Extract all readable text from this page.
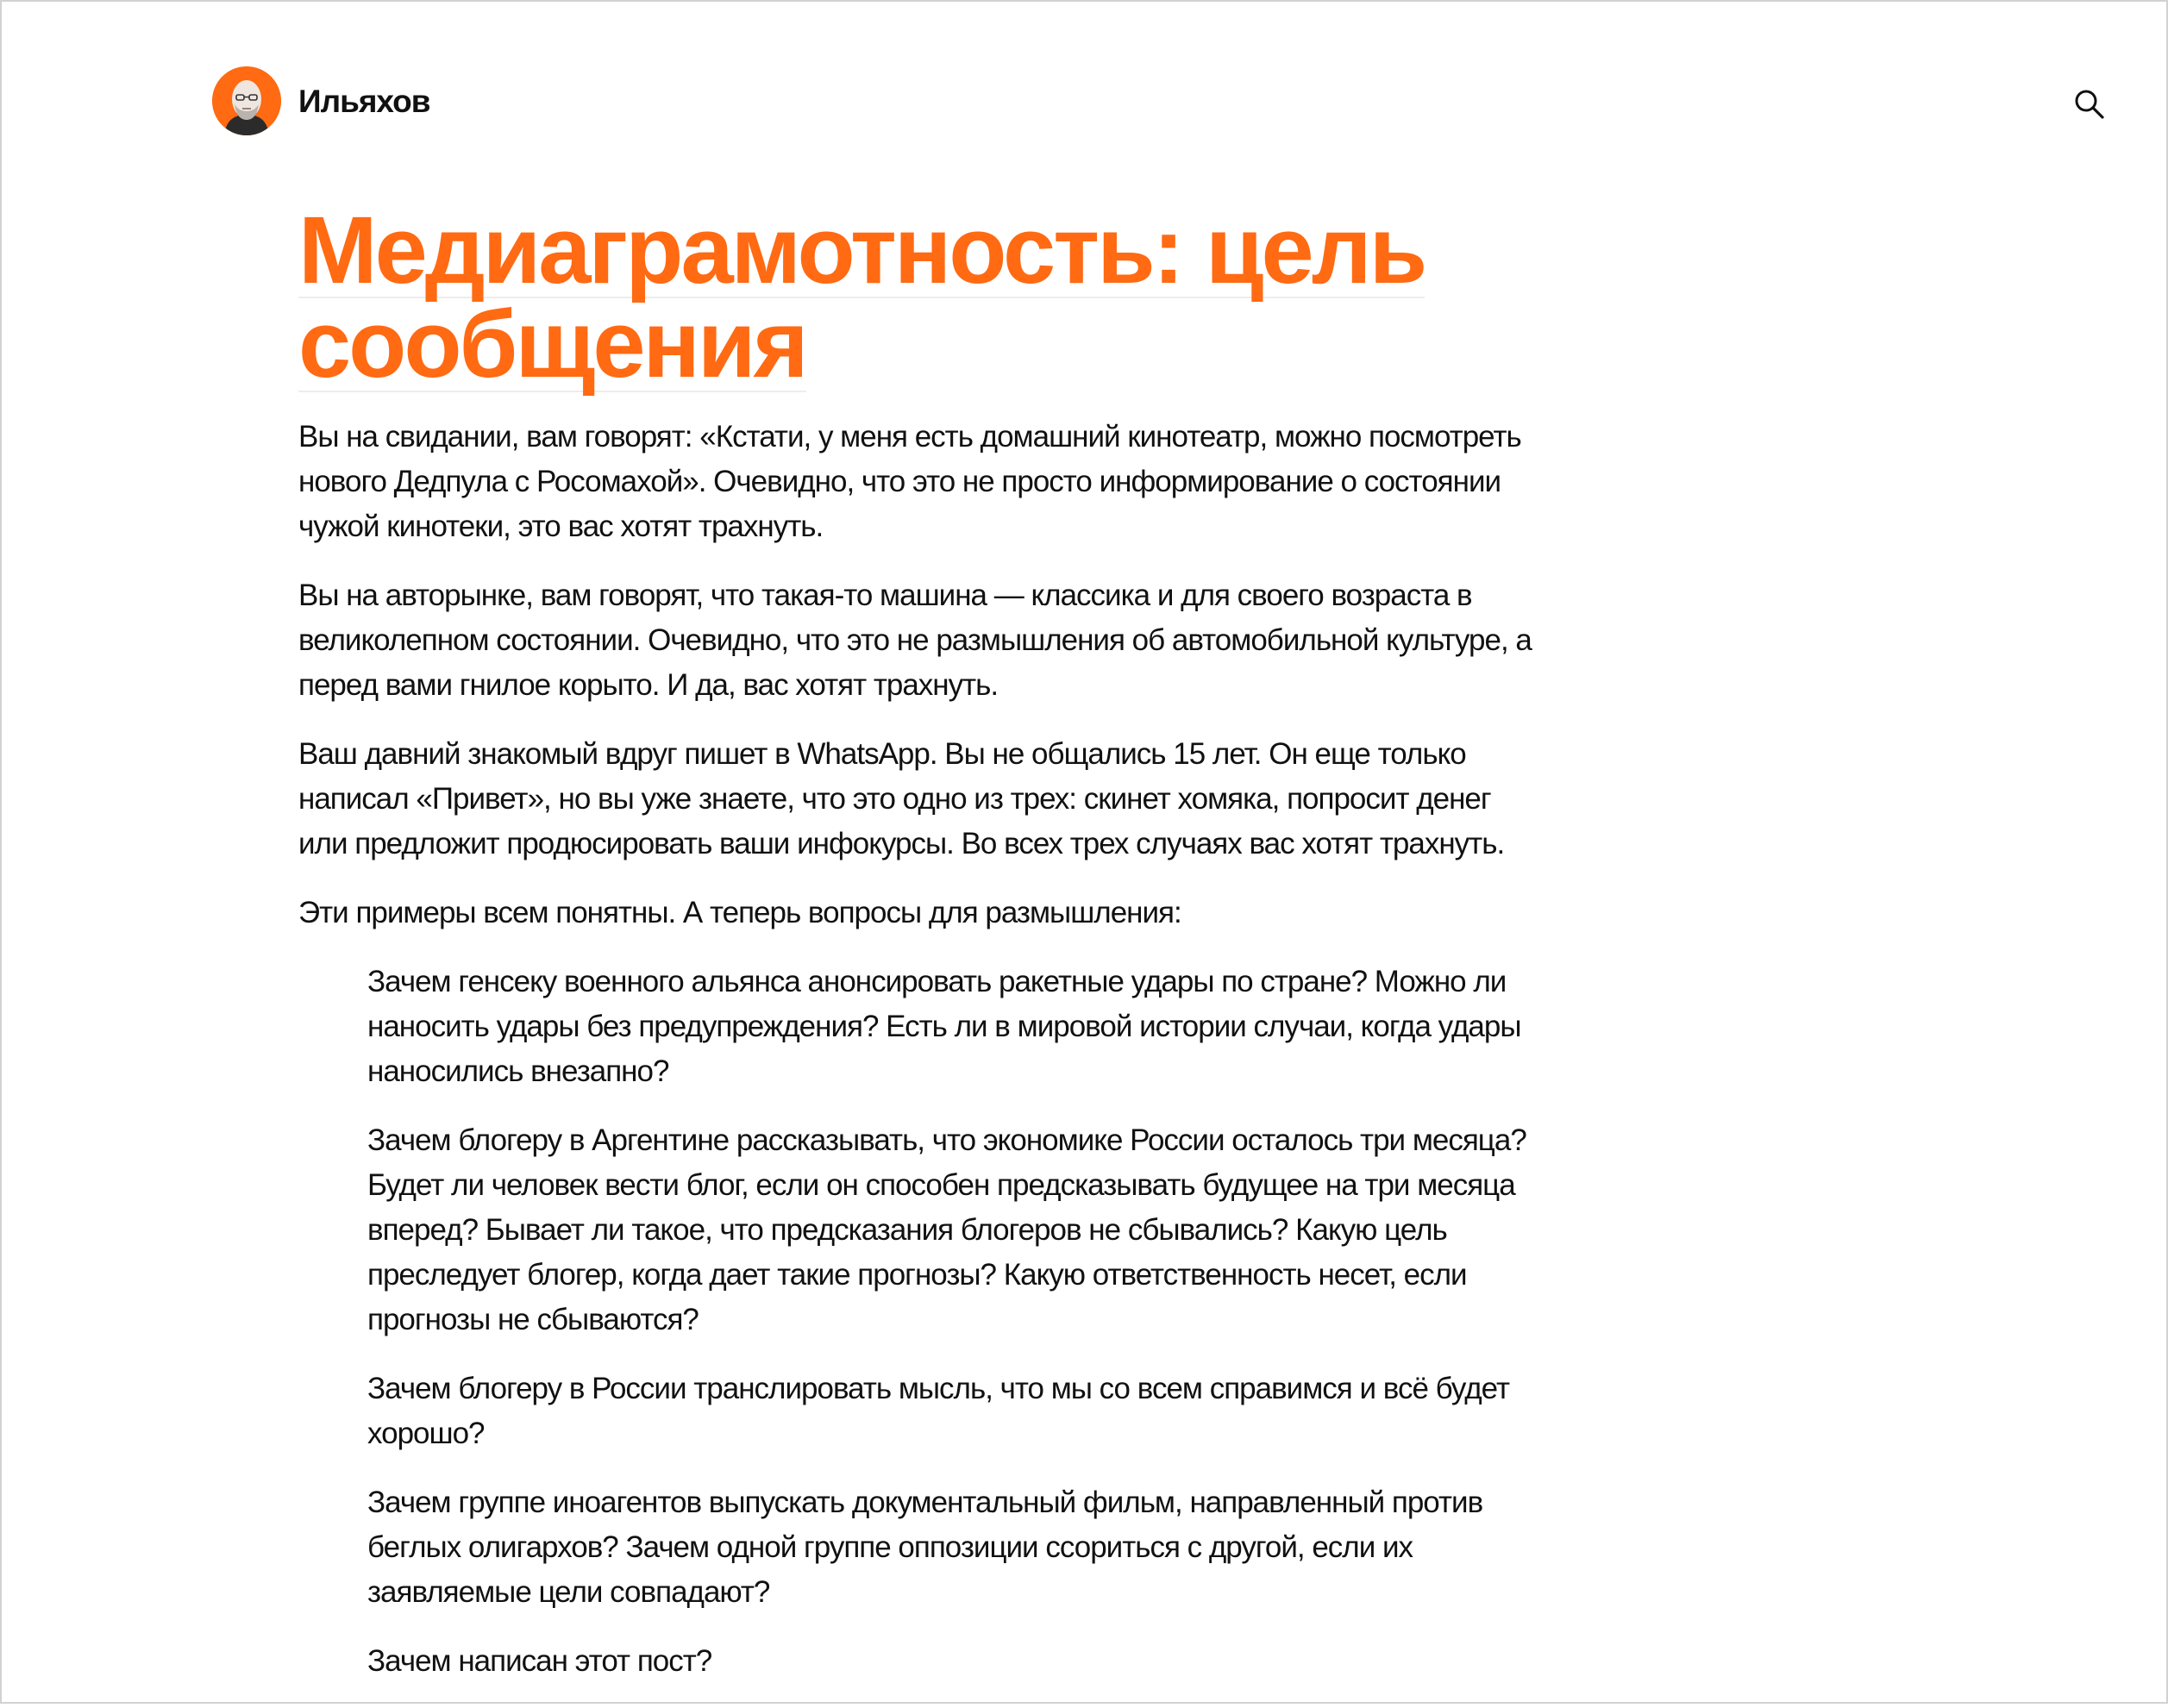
Ильяхов
Медиаграмотность: цель
сообщения

Вы на свидании, вам говорят: «Кстати, у меня есть домашний кинотеатр, можно посмотреть нового Дедпула с Росомахой». Очевидно, что это не просто информирование о состоянии чужой кинотеки, это вас хотят трахнуть.

Вы на авторынке, вам говорят, что такая-то машина — классика и для своего возраста в великолепном состоянии. Очевидно, что это не размышления об автомобильной культуре, а перед вами гнилое корыто. И да, вас хотят трахнуть.

Ваш давний знакомый вдруг пишет в WhatsApp. Вы не общались 15 лет. Он еще только написал «Привет», но вы уже знаете, что это одно из трех: скинет хомяка, попросит денег или предложит продюсировать ваши инфокурсы. Во всех трех случаях вас хотят трахнуть.

Эти примеры всем понятны. А теперь вопросы для размышления:

Зачем генсеку военного альянса анонсировать ракетные удары по стране? Можно ли наносить удары без предупреждения? Есть ли в мировой истории случаи, когда удары наносились внезапно?

Зачем блогеру в Аргентине рассказывать, что экономике России осталось три месяца? Будет ли человек вести блог, если он способен предсказывать будущее на три месяца вперед? Бывает ли такое, что предсказания блогеров не сбывались? Какую цель преследует блогер, когда дает такие прогнозы? Какую ответственность несет, если прогнозы не сбываются?

Зачем блогеру в России транслировать мысль, что мы со всем справимся и всё будет хорошо?

Зачем группе иноагентов выпускать документальный фильм, направленный против беглых олигархов? Зачем одной группе оппозиции ссориться с другой, если их заявляемые цели совпадают?

Зачем написан этот пост?
